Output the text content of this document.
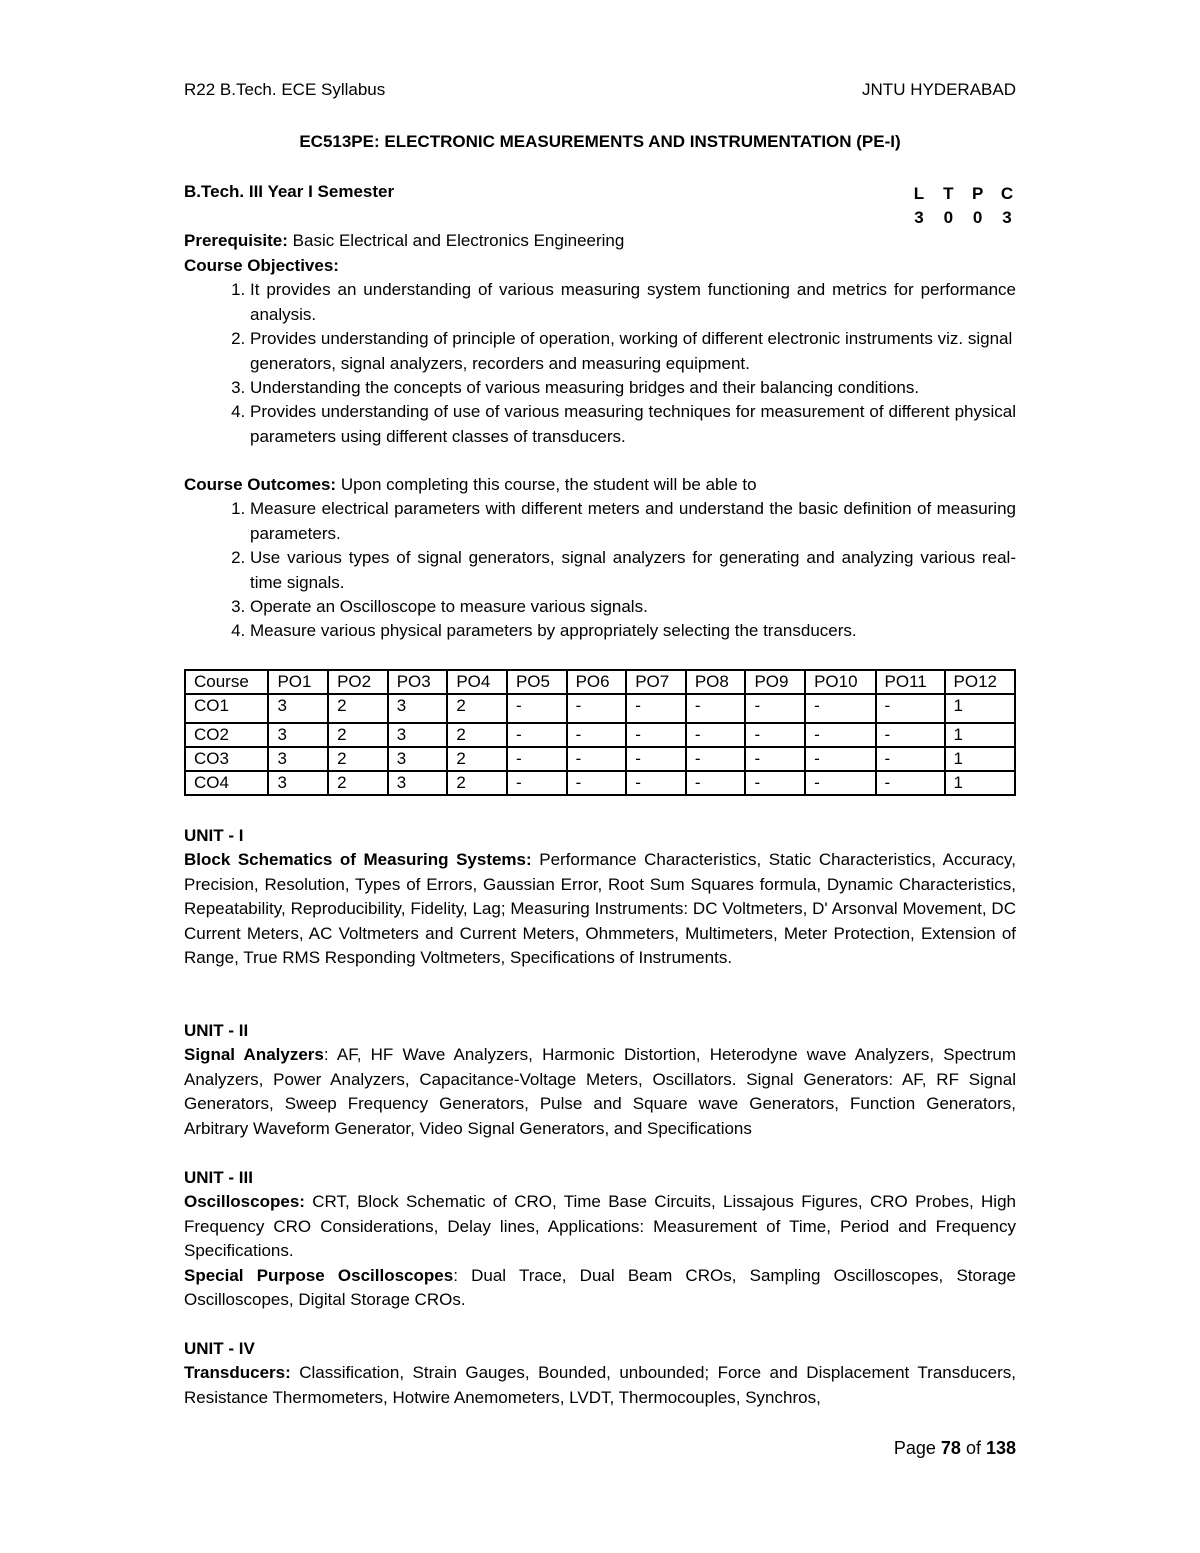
R22 B.Tech. ECE Syllabus	JNTU HYDERABAD
EC513PE: ELECTRONIC MEASUREMENTS AND INSTRUMENTATION (PE-I)
B.Tech. III Year I Semester	L	T	P	C
3	0	0	3
Prerequisite: Basic Electrical and Electronics Engineering
Course Objectives:
1. It provides an understanding of various measuring system functioning and metrics for performance analysis.
2. Provides understanding of principle of operation, working of different electronic instruments viz. signal generators, signal analyzers, recorders and measuring equipment.
3. Understanding the concepts of various measuring bridges and their balancing conditions.
4. Provides understanding of use of various measuring techniques for measurement of different physical parameters using different classes of transducers.
Course Outcomes: Upon completing this course, the student will be able to
1. Measure electrical parameters with different meters and understand the basic definition of measuring parameters.
2. Use various types of signal generators, signal analyzers for generating and analyzing various real-time signals.
3. Operate an Oscilloscope to measure various signals.
4. Measure various physical parameters by appropriately selecting the transducers.
Course	PO1	PO2	PO3	PO4	PO5	PO6	PO7	PO8	PO9	PO10	PO11	PO12
CO1	3	2	3	2	-	-	-	-	-	-	-	1
CO2	3	2	3	2	-	-	-	-	-	-	-	1
CO3	3	2	3	2	-	-	-	-	-	-	-	1
CO4	3	2	3	2	-	-	-	-	-	-	-	1
UNIT - I
Block Schematics of Measuring Systems: Performance Characteristics, Static Characteristics, Accuracy, Precision, Resolution, Types of Errors, Gaussian Error, Root Sum Squares formula, Dynamic Characteristics, Repeatability, Reproducibility, Fidelity, Lag; Measuring Instruments: DC Voltmeters, D' Arsonval Movement, DC Current Meters, AC Voltmeters and Current Meters, Ohmmeters, Multimeters, Meter Protection, Extension of Range, True RMS Responding Voltmeters, Specifications of Instruments.
UNIT - II
Signal Analyzers: AF, HF Wave Analyzers, Harmonic Distortion, Heterodyne wave Analyzers, Spectrum Analyzers, Power Analyzers, Capacitance-Voltage Meters, Oscillators. Signal Generators: AF, RF Signal Generators, Sweep Frequency Generators, Pulse and Square wave Generators, Function Generators, Arbitrary Waveform Generator, Video Signal Generators, and Specifications
UNIT - III
Oscilloscopes: CRT, Block Schematic of CRO, Time Base Circuits, Lissajous Figures, CRO Probes, High Frequency CRO Considerations, Delay lines, Applications: Measurement of Time, Period and Frequency Specifications.
Special Purpose Oscilloscopes: Dual Trace, Dual Beam CROs, Sampling Oscilloscopes, Storage Oscilloscopes, Digital Storage CROs.
UNIT - IV
Transducers: Classification, Strain Gauges, Bounded, unbounded; Force and Displacement Transducers, Resistance Thermometers, Hotwire Anemometers, LVDT, Thermocouples, Synchros,
Page 78 of 138
